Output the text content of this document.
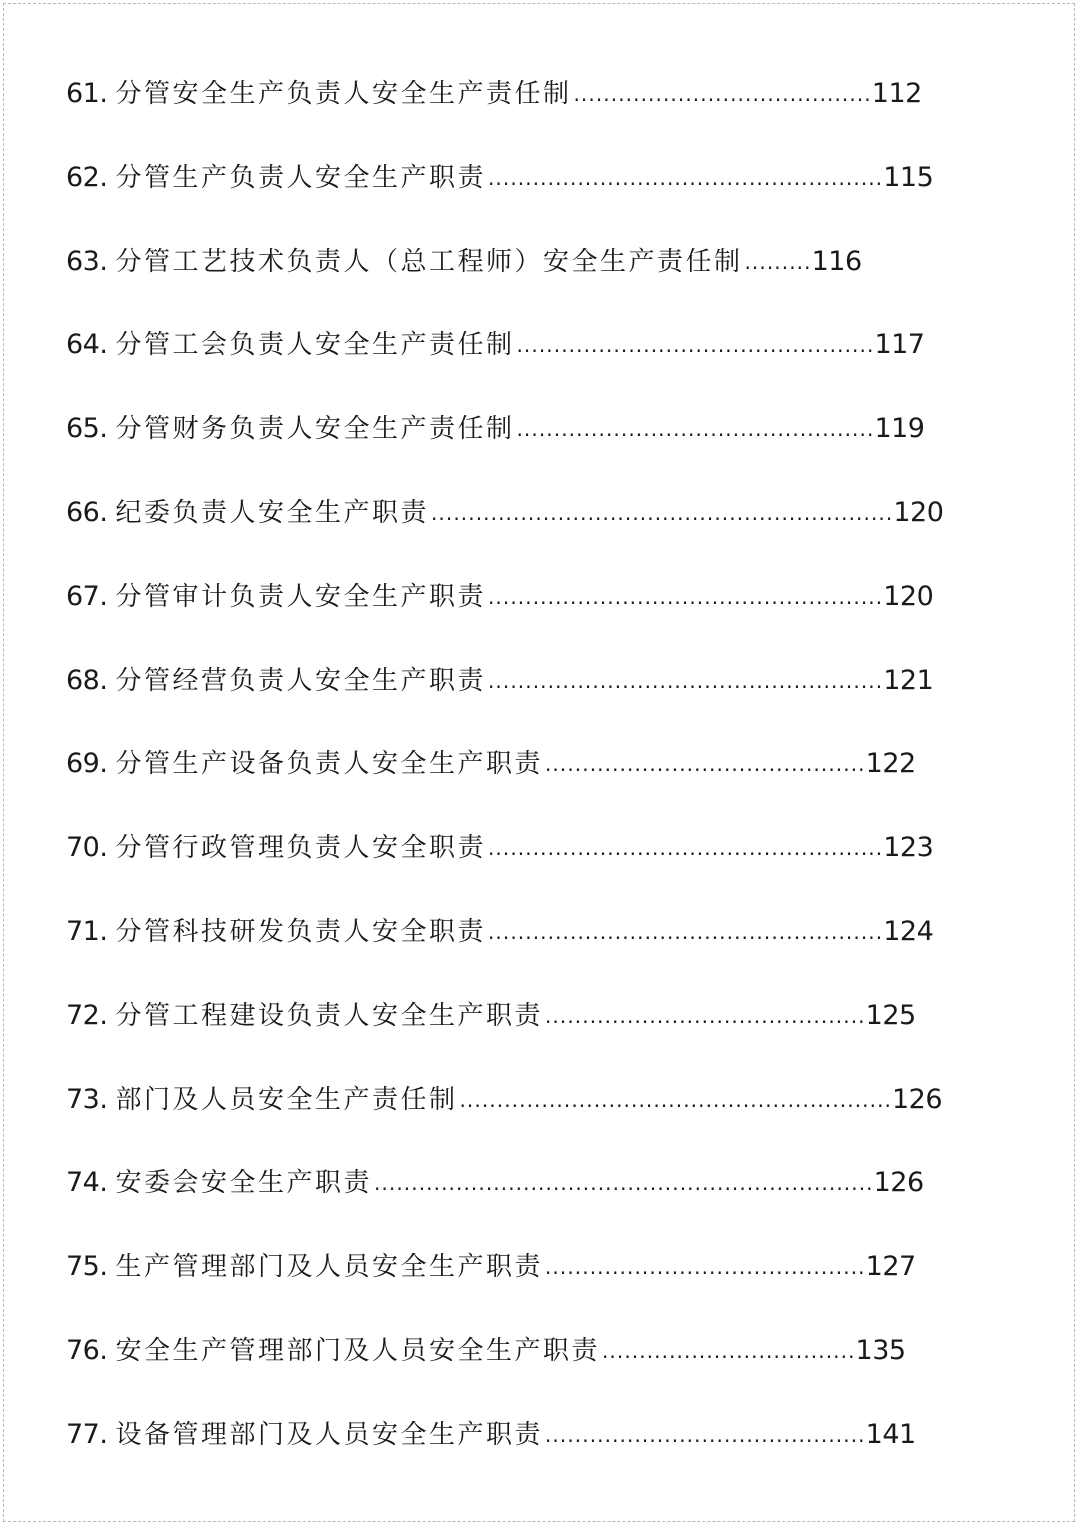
61. 分管安全生产负责人安全生产责任制 ........................................ 112
62. 分管生产负责人安全生产职责 ..................................................... 115
63. 分管工艺技术负责人（总工程师）安全生产责任制 ......... 116
64. 分管工会负责人安全生产责任制 ................................................ 117
65. 分管财务负责人安全生产责任制 ................................................ 119
66. 纪委负责人安全生产职责 .............................................................. 120
67. 分管审计负责人安全生产职责 ..................................................... 120
68. 分管经营负责人安全生产职责 ..................................................... 121
69. 分管生产设备负责人安全生产职责 ........................................... 122
70. 分管行政管理负责人安全职责 ..................................................... 123
71. 分管科技研发负责人安全职责 ..................................................... 124
72. 分管工程建设负责人安全生产职责 ........................................... 125
73. 部门及人员安全生产责任制 .......................................................... 126
74. 安委会安全生产职责 ................................................................... 126
75. 生产管理部门及人员安全生产职责 ........................................... 127
76. 安全生产管理部门及人员安全生产职责 .................................. 135
77. 设备管理部门及人员安全生产职责 ........................................... 141
